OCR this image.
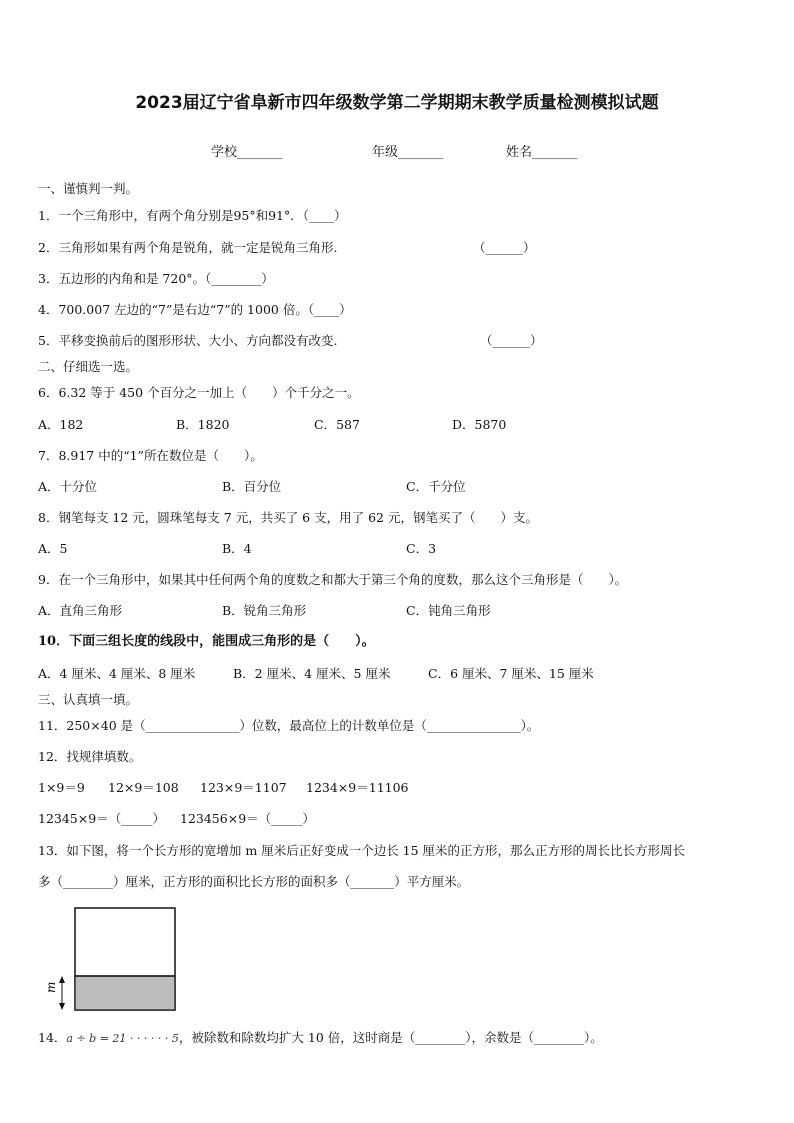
2023届辽宁省阜新市四年级数学第二学期期末教学质量检测模拟试题
学校_______	年级_______	姓名_______
一、谨慎判一判。
1．一个三角形中，有两个角分别是95°和91°．（____）
2．三角形如果有两个角是锐角，就一定是锐角三角形.	（______）
3．五边形的内角和是 720°。（________）
4．700.007 左边的“7”是右边“7”的 1000 倍。（____）
5．平移变换前后的图形形状、大小、方向都没有改变.	（______）
二、仔细选一选。
6．6.32 等于 450 个百分之一加上（　　）个千分之一。
A．182	B．1820	C．587	D．5870
7．8.917 中的“1”所在数位是（　　）。
A．十分位	B．百分位	C．千分位
8．钢笔每支 12 元，圆珠笔每支 7 元，共买了 6 支，用了 62 元，钢笔买了（　　）支。
A．5	B．4	C．3
9．在一个三角形中，如果其中任何两个角的度数之和都大于第三个角的度数，那么这个三角形是（　　）。
A．直角三角形	B．锐角三角形	C．钝角三角形
10．下面三组长度的线段中，能围成三角形的是（　　）。
A．4 厘米、4 厘米、8 厘米	B．2 厘米、4 厘米、5 厘米	C．6 厘米、7 厘米、15 厘米
三、认真填一填。
11．250×40 是（_______________）位数，最高位上的计数单位是（_______________）。
12．找规律填数。
1×9＝9 12×9＝108 123×9＝1107 1234×9＝11106
12345×9＝（_____） 123456×9＝（_____）
13．如下图，将一个长方形的宽增加 m 厘米后正好变成一个边长 15 厘米的正方形，那么正方形的周长比长方形周长
多（________）厘米，正方形的面积比长方形的面积多（_______）平方厘米。
m
14．a ÷ b = 21 · · · · · · 5，被除数和除数均扩大 10 倍，这时商是（________），余数是（________）。
